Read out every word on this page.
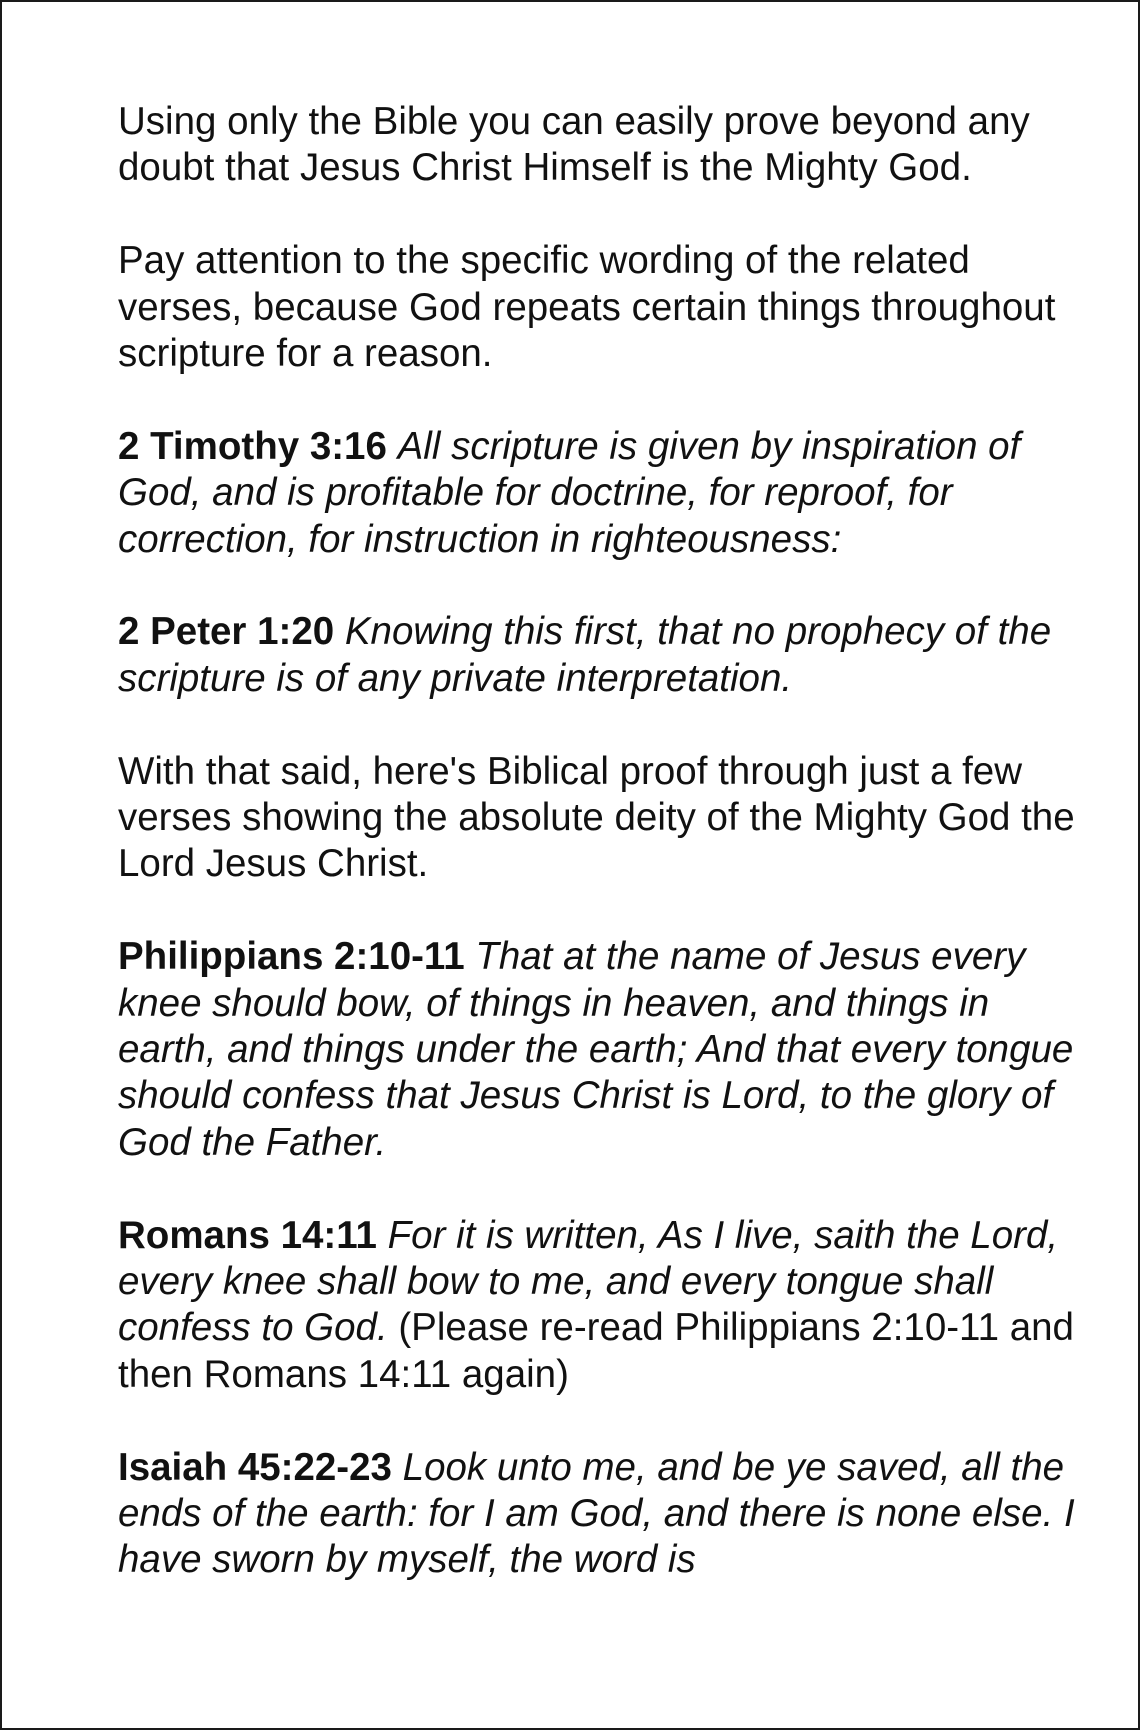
Using only the Bible you can easily prove beyond any doubt that Jesus Christ Himself is the Mighty God.

Pay attention to the specific wording of the related verses, because God repeats certain things throughout scripture for a reason.

2 Timothy 3:16 All scripture is given by inspiration of God, and is profitable for doctrine, for reproof, for correction, for instruction in righteousness:

2 Peter 1:20 Knowing this first, that no prophecy of the scripture is of any private interpretation.

With that said, here's Biblical proof through just a few verses showing the absolute deity of the Mighty God the Lord Jesus Christ.

Philippians 2:10-11 That at the name of Jesus every knee should bow, of things in heaven, and things in earth, and things under the earth; And that every tongue should confess that Jesus Christ is Lord, to the glory of God the Father.

Romans 14:11 For it is written, As I live, saith the Lord, every knee shall bow to me, and every tongue shall confess to God. (Please re-read Philippians 2:10-11 and then Romans 14:11 again)

Isaiah 45:22-23 Look unto me, and be ye saved, all the ends of the earth: for I am God, and there is none else. I have sworn by myself, the word is
